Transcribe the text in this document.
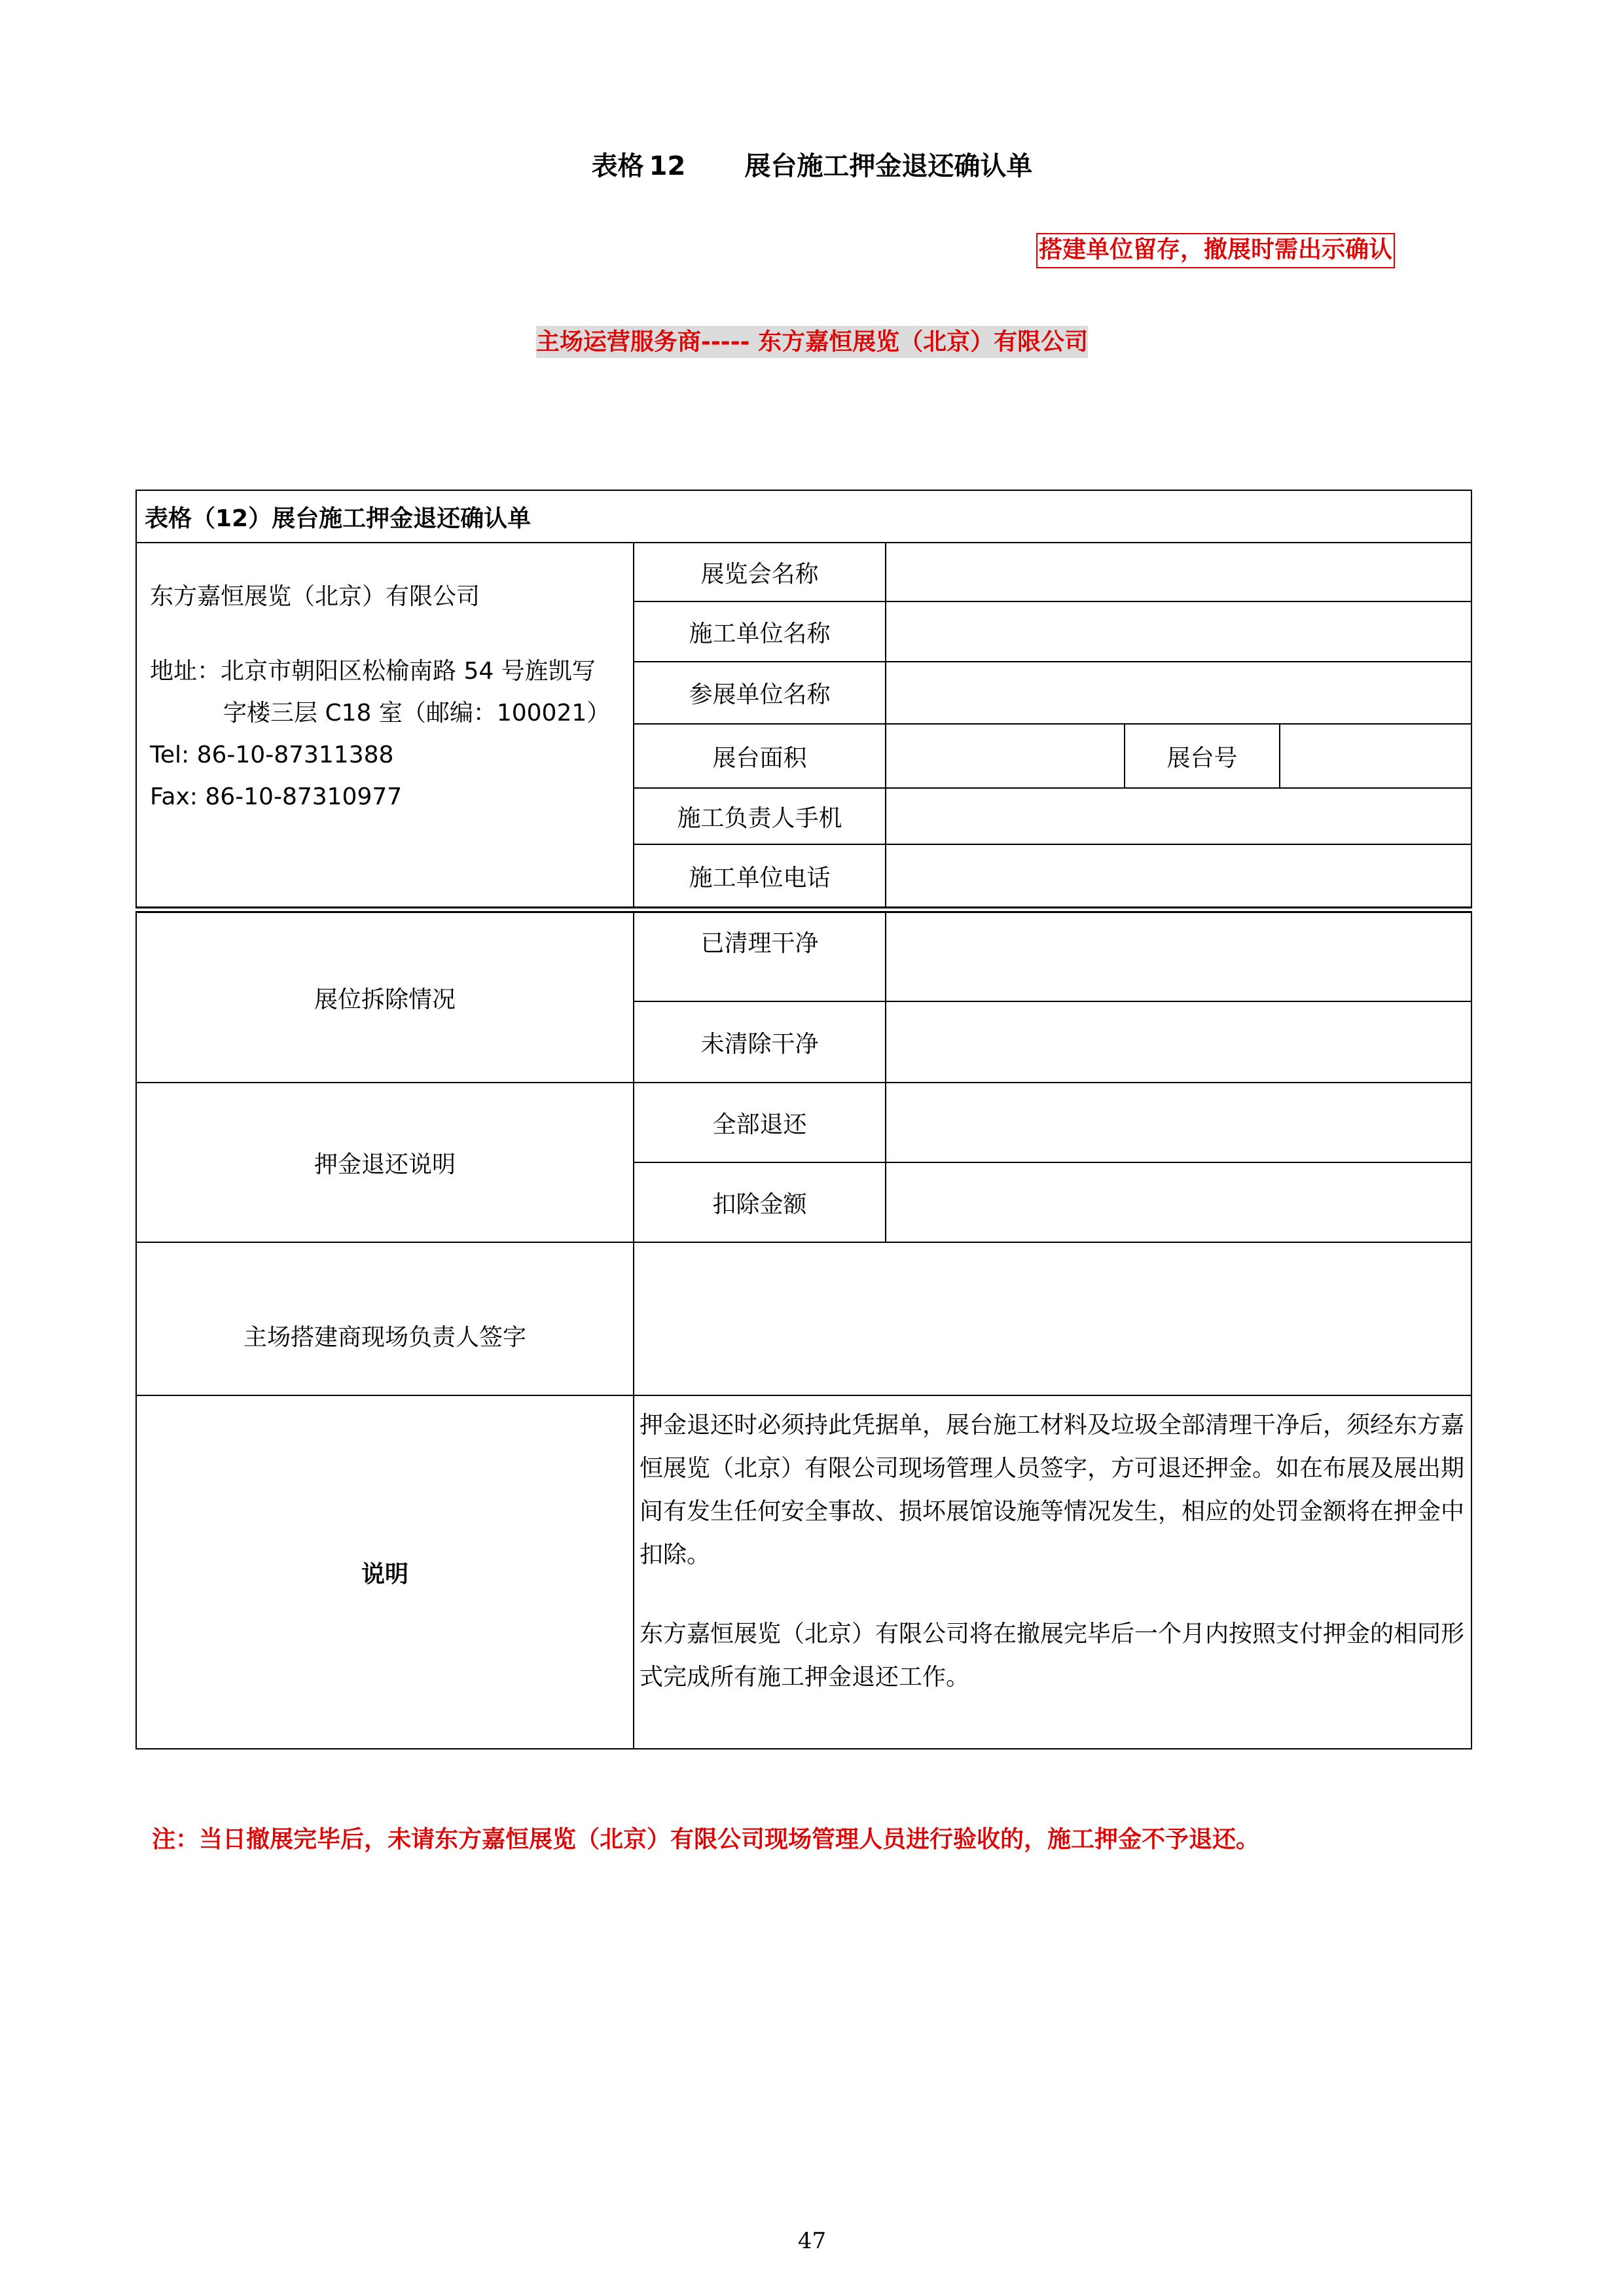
表格 12 展台施工押金退还确认单
搭建单位留存，撤展时需出示确认
主场运营服务商----- 东方嘉恒展览（北京）有限公司
表格（12）展台施工押金退还确认单				

东方嘉恒展览（北京）有限公司
地址：北京市朝阳区松榆南路 54 号旌凯写
字楼三层 C18 室（邮编：100021）
Tel: 86-10-87311388
Fax: 86-10-87310977	展览会名称			
	施工单位名称			
	参展单位名称			
	展台面积		展台号	
	施工负责人手机			
	施工单位电话			
展位拆除情况	已清理干净			
	未清除干净			
押金退还说明	全部退还			
	扣除金额			
主场搭建商现场负责人签字				
说明	押金退还时必须持此凭据单，展台施工材料及垃圾全部清理干净后，须经东方嘉恒展览（北京）有限公司现场管理人员签字，方可退还押金。如在布展及展出期间有发生任何安全事故、损坏展馆设施等情况发生，相应的处罚金额将在押金中扣除。

东方嘉恒展览（北京）有限公司将在撤展完毕后一个月内按照支付押金的相同形式完成所有施工押金退还工作。			

注：当日撤展完毕后，未请东方嘉恒展览（北京）有限公司现场管理人员进行验收的，施工押金不予退还。
47
